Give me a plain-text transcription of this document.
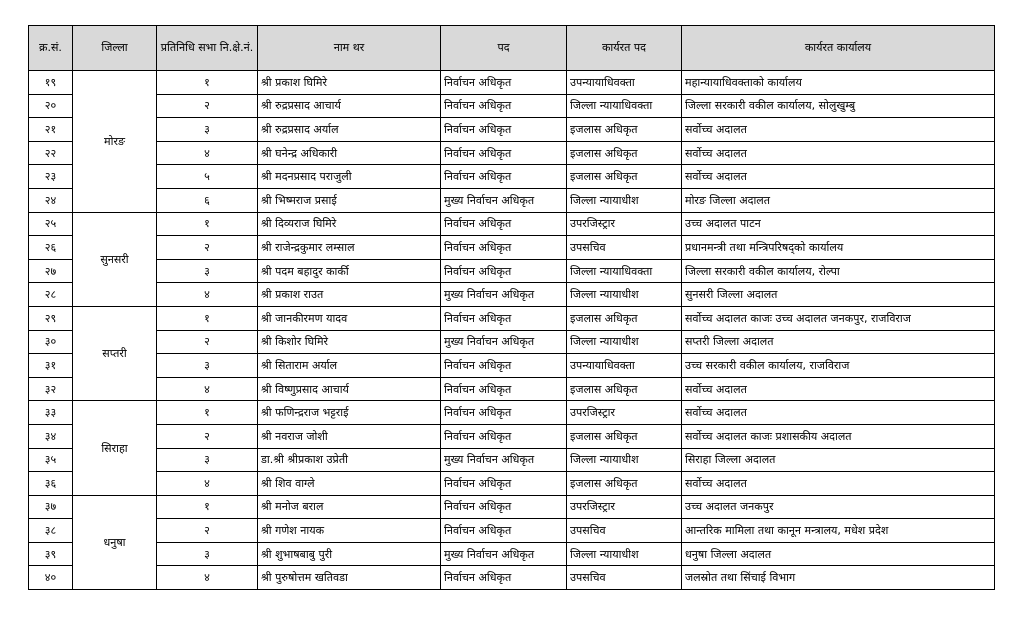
क्र.सं.	जिल्ला	प्रतिनिधि सभा नि.क्षे.नं.	नाम थर	पद	कार्यरत पद	कार्यरत कार्यालय
१९	मोरङ	१	श्री प्रकाश घिमिरे	निर्वाचन अधिकृत	उपन्यायाधिवक्ता	महान्यायाधिवक्ताको कार्यालय
२०		२	श्री रुद्रप्रसाद आचार्य	निर्वाचन अधिकृत	जिल्ला न्यायाधिवक्ता	जिल्ला सरकारी वकील कार्यालय, सोलुखुम्बु
२१		३	श्री रुद्रप्रसाद अर्याल	निर्वाचन अधिकृत	इजलास अधिकृत	सर्वोच्च अदालत
२२		४	श्री घनेन्द्र अधिकारी	निर्वाचन अधिकृत	इजलास अधिकृत	सर्वोच्च अदालत
२३		५	श्री मदनप्रसाद पराजुली	निर्वाचन अधिकृत	इजलास अधिकृत	सर्वोच्च अदालत
२४		६	श्री भिष्मराज प्रसाई	मुख्य निर्वाचन अधिकृत	जिल्ला न्यायाधीश	मोरङ जिल्ला अदालत
२५	सुनसरी	१	श्री दिव्यराज घिमिरे	निर्वाचन अधिकृत	उपरजिस्ट्रार	उच्च अदालत पाटन
२६		२	श्री राजेन्द्रकुमार लम्साल	निर्वाचन अधिकृत	उपसचिव	प्रधानमन्त्री तथा मन्त्रिपरिषद्को कार्यालय
२७		३	श्री पदम बहादुर कार्की	निर्वाचन अधिकृत	जिल्ला न्यायाधिवक्ता	जिल्ला सरकारी वकील कार्यालय, रोल्पा
२८		४	श्री प्रकाश राउत	मुख्य निर्वाचन अधिकृत	जिल्ला न्यायाधीश	सुनसरी जिल्ला अदालत
२९	सप्तरी	१	श्री जानकीरमण यादव	निर्वाचन अधिकृत	इजलास अधिकृत	सर्वोच्च अदालत काजः उच्च अदालत जनकपुर, राजविराज
३०		२	श्री किशोर घिमिरे	मुख्य निर्वाचन अधिकृत	जिल्ला न्यायाधीश	सप्तरी जिल्ला अदालत
३१		३	श्री सिताराम अर्याल	निर्वाचन अधिकृत	उपन्यायाधिवक्ता	उच्च सरकारी वकील कार्यालय, राजविराज
३२		४	श्री विष्णुप्रसाद आचार्य	निर्वाचन अधिकृत	इजलास अधिकृत	सर्वोच्च अदालत
३३	सिराहा	१	श्री फणिन्द्रराज भट्टराई	निर्वाचन अधिकृत	उपरजिस्ट्रार	सर्वोच्च अदालत
३४		२	श्री नवराज जोशी	निर्वाचन अधिकृत	इजलास अधिकृत	सर्वोच्च अदालत काजः प्रशासकीय अदालत
३५		३	डा.श्री श्रीप्रकाश उप्रेती	मुख्य निर्वाचन अधिकृत	जिल्ला न्यायाधीश	सिराहा जिल्ला अदालत
३६		४	श्री शिव वाग्ले	निर्वाचन अधिकृत	इजलास अधिकृत	सर्वोच्च अदालत
३७	धनुषा	१	श्री मनोज बराल	निर्वाचन अधिकृत	उपरजिस्ट्रार	उच्च अदालत जनकपुर
३८		२	श्री गणेश नायक	निर्वाचन अधिकृत	उपसचिव	आन्तरिक मामिला तथा कानून मन्त्रालय, मधेश प्रदेश
३९		३	श्री शुभाषबाबु पुरी	मुख्य निर्वाचन अधिकृत	जिल्ला न्यायाधीश	धनुषा जिल्ला अदालत
४०		४	श्री पुरुषोत्तम खतिवडा	निर्वाचन अधिकृत	उपसचिव	जलस्रोत तथा सिंचाई विभाग
